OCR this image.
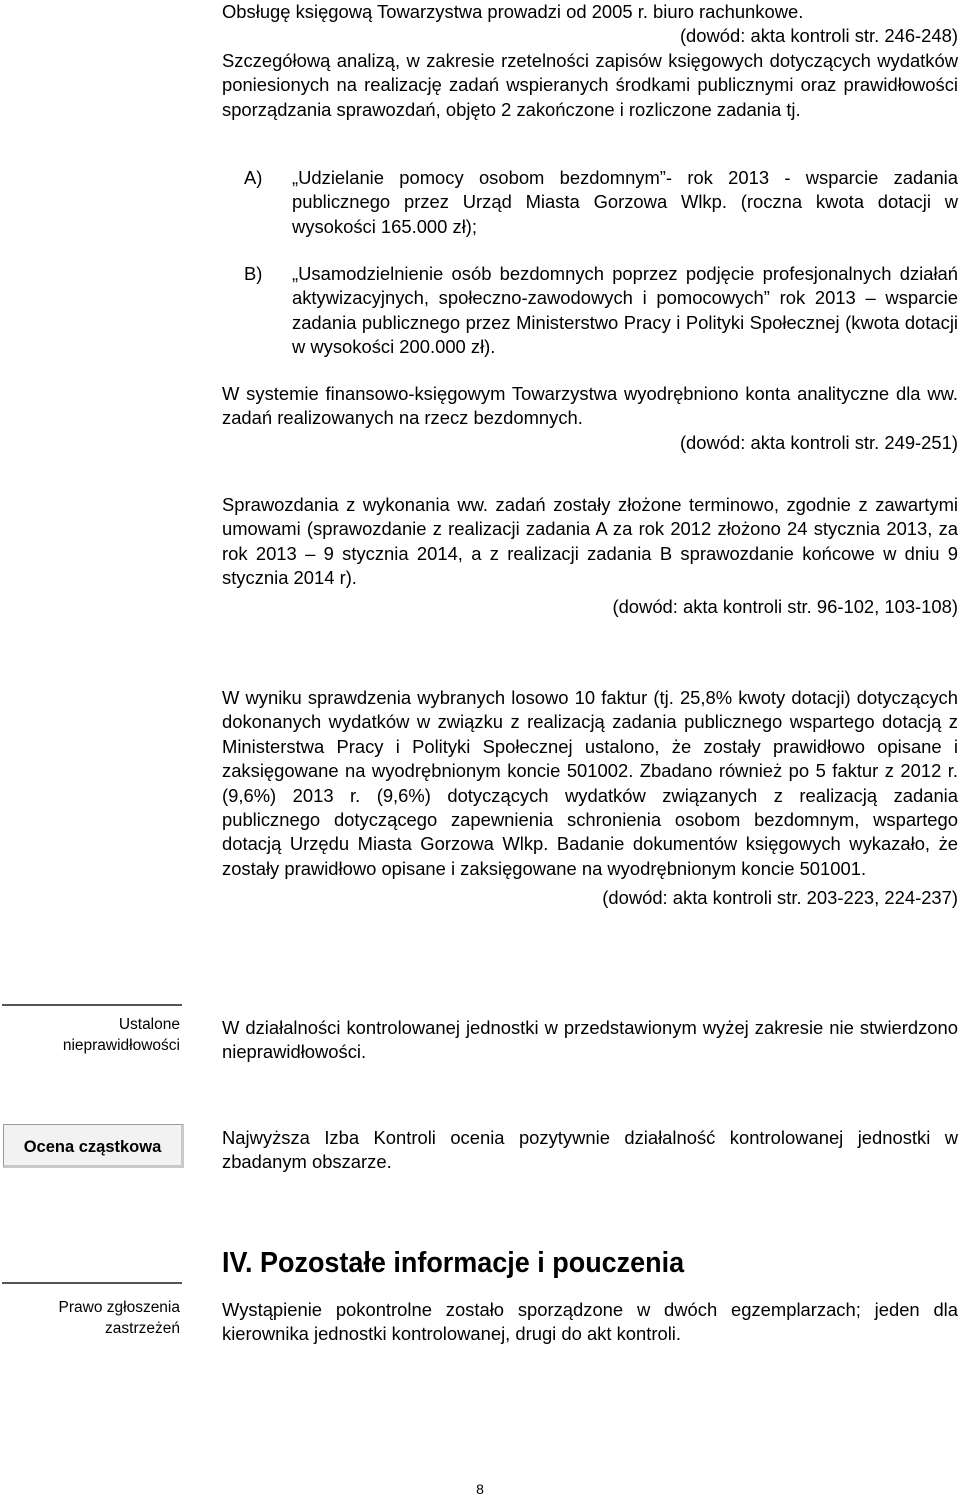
Obsługę księgową Towarzystwa prowadzi od 2005 r. biuro rachunkowe.

(dowód: akta kontroli str. 246-248)

Szczegółową analizą, w zakresie rzetelności zapisów księgowych dotyczących wydatków poniesionych na realizację zadań wspieranych środkami publicznymi oraz prawidłowości sporządzania sprawozdań, objęto 2 zakończone i rozliczone zadania tj.

A) „Udzielanie pomocy osobom bezdomnym”- rok 2013 - wsparcie zadania publicznego przez Urząd Miasta Gorzowa Wlkp. (roczna kwota dotacji w wysokości 165.000 zł);
B) „Usamodzielnienie osób bezdomnych poprzez podjęcie profesjonalnych działań aktywizacyjnych, społeczno-zawodowych i pomocowych” rok 2013 – wsparcie zadania publicznego przez Ministerstwo Pracy i Polityki Społecznej (kwota dotacji w wysokości 200.000 zł).

W systemie finansowo-księgowym Towarzystwa wyodrębniono konta analityczne dla ww. zadań realizowanych na rzecz bezdomnych.

(dowód: akta kontroli str. 249-251)

Sprawozdania z wykonania ww. zadań zostały złożone terminowo, zgodnie z zawartymi umowami (sprawozdanie z realizacji zadania A za rok 2012 złożono 24 stycznia 2013, za rok 2013 – 9 stycznia 2014, a z realizacji zadania B sprawozdanie końcowe w dniu 9 stycznia 2014 r).

(dowód: akta kontroli str. 96-102, 103-108)

W wyniku sprawdzenia wybranych losowo 10 faktur (tj. 25,8% kwoty dotacji) dotyczących dokonanych wydatków w związku z realizacją zadania publicznego wspartego dotacją z Ministerstwa Pracy i Polityki Społecznej ustalono, że zostały prawidłowo opisane i zaksięgowane na wyodrębnionym koncie 501002. Zbadano również po 5 faktur z 2012 r. (9,6%) 2013 r. (9,6%) dotyczących wydatków związanych z realizacją zadania publicznego dotyczącego zapewnienia schronienia osobom bezdomnym, wspartego dotacją Urzędu Miasta Gorzowa Wlkp. Badanie dokumentów księgowych wykazało, że zostały prawidłowo opisane i zaksięgowane na wyodrębnionym koncie 501001.

(dowód: akta kontroli str. 203-223, 224-237)

Ustalone
nieprawidłowości

W działalności kontrolowanej jednostki w przedstawionym wyżej zakresie nie stwierdzono nieprawidłowości.

Ocena cząstkowa	Najwyższa Izba Kontroli ocenia pozytywnie działalność kontrolowanej jednostki w zbadanym obszarze.

IV. Pozostałe informacje i pouczenia
Prawo zgłoszenia
zastrzeżeń

Wystąpienie pokontrolne zostało sporządzone w dwóch egzemplarzach; jeden dla kierownika jednostki kontrolowanej, drugi do akt kontroli.

8
